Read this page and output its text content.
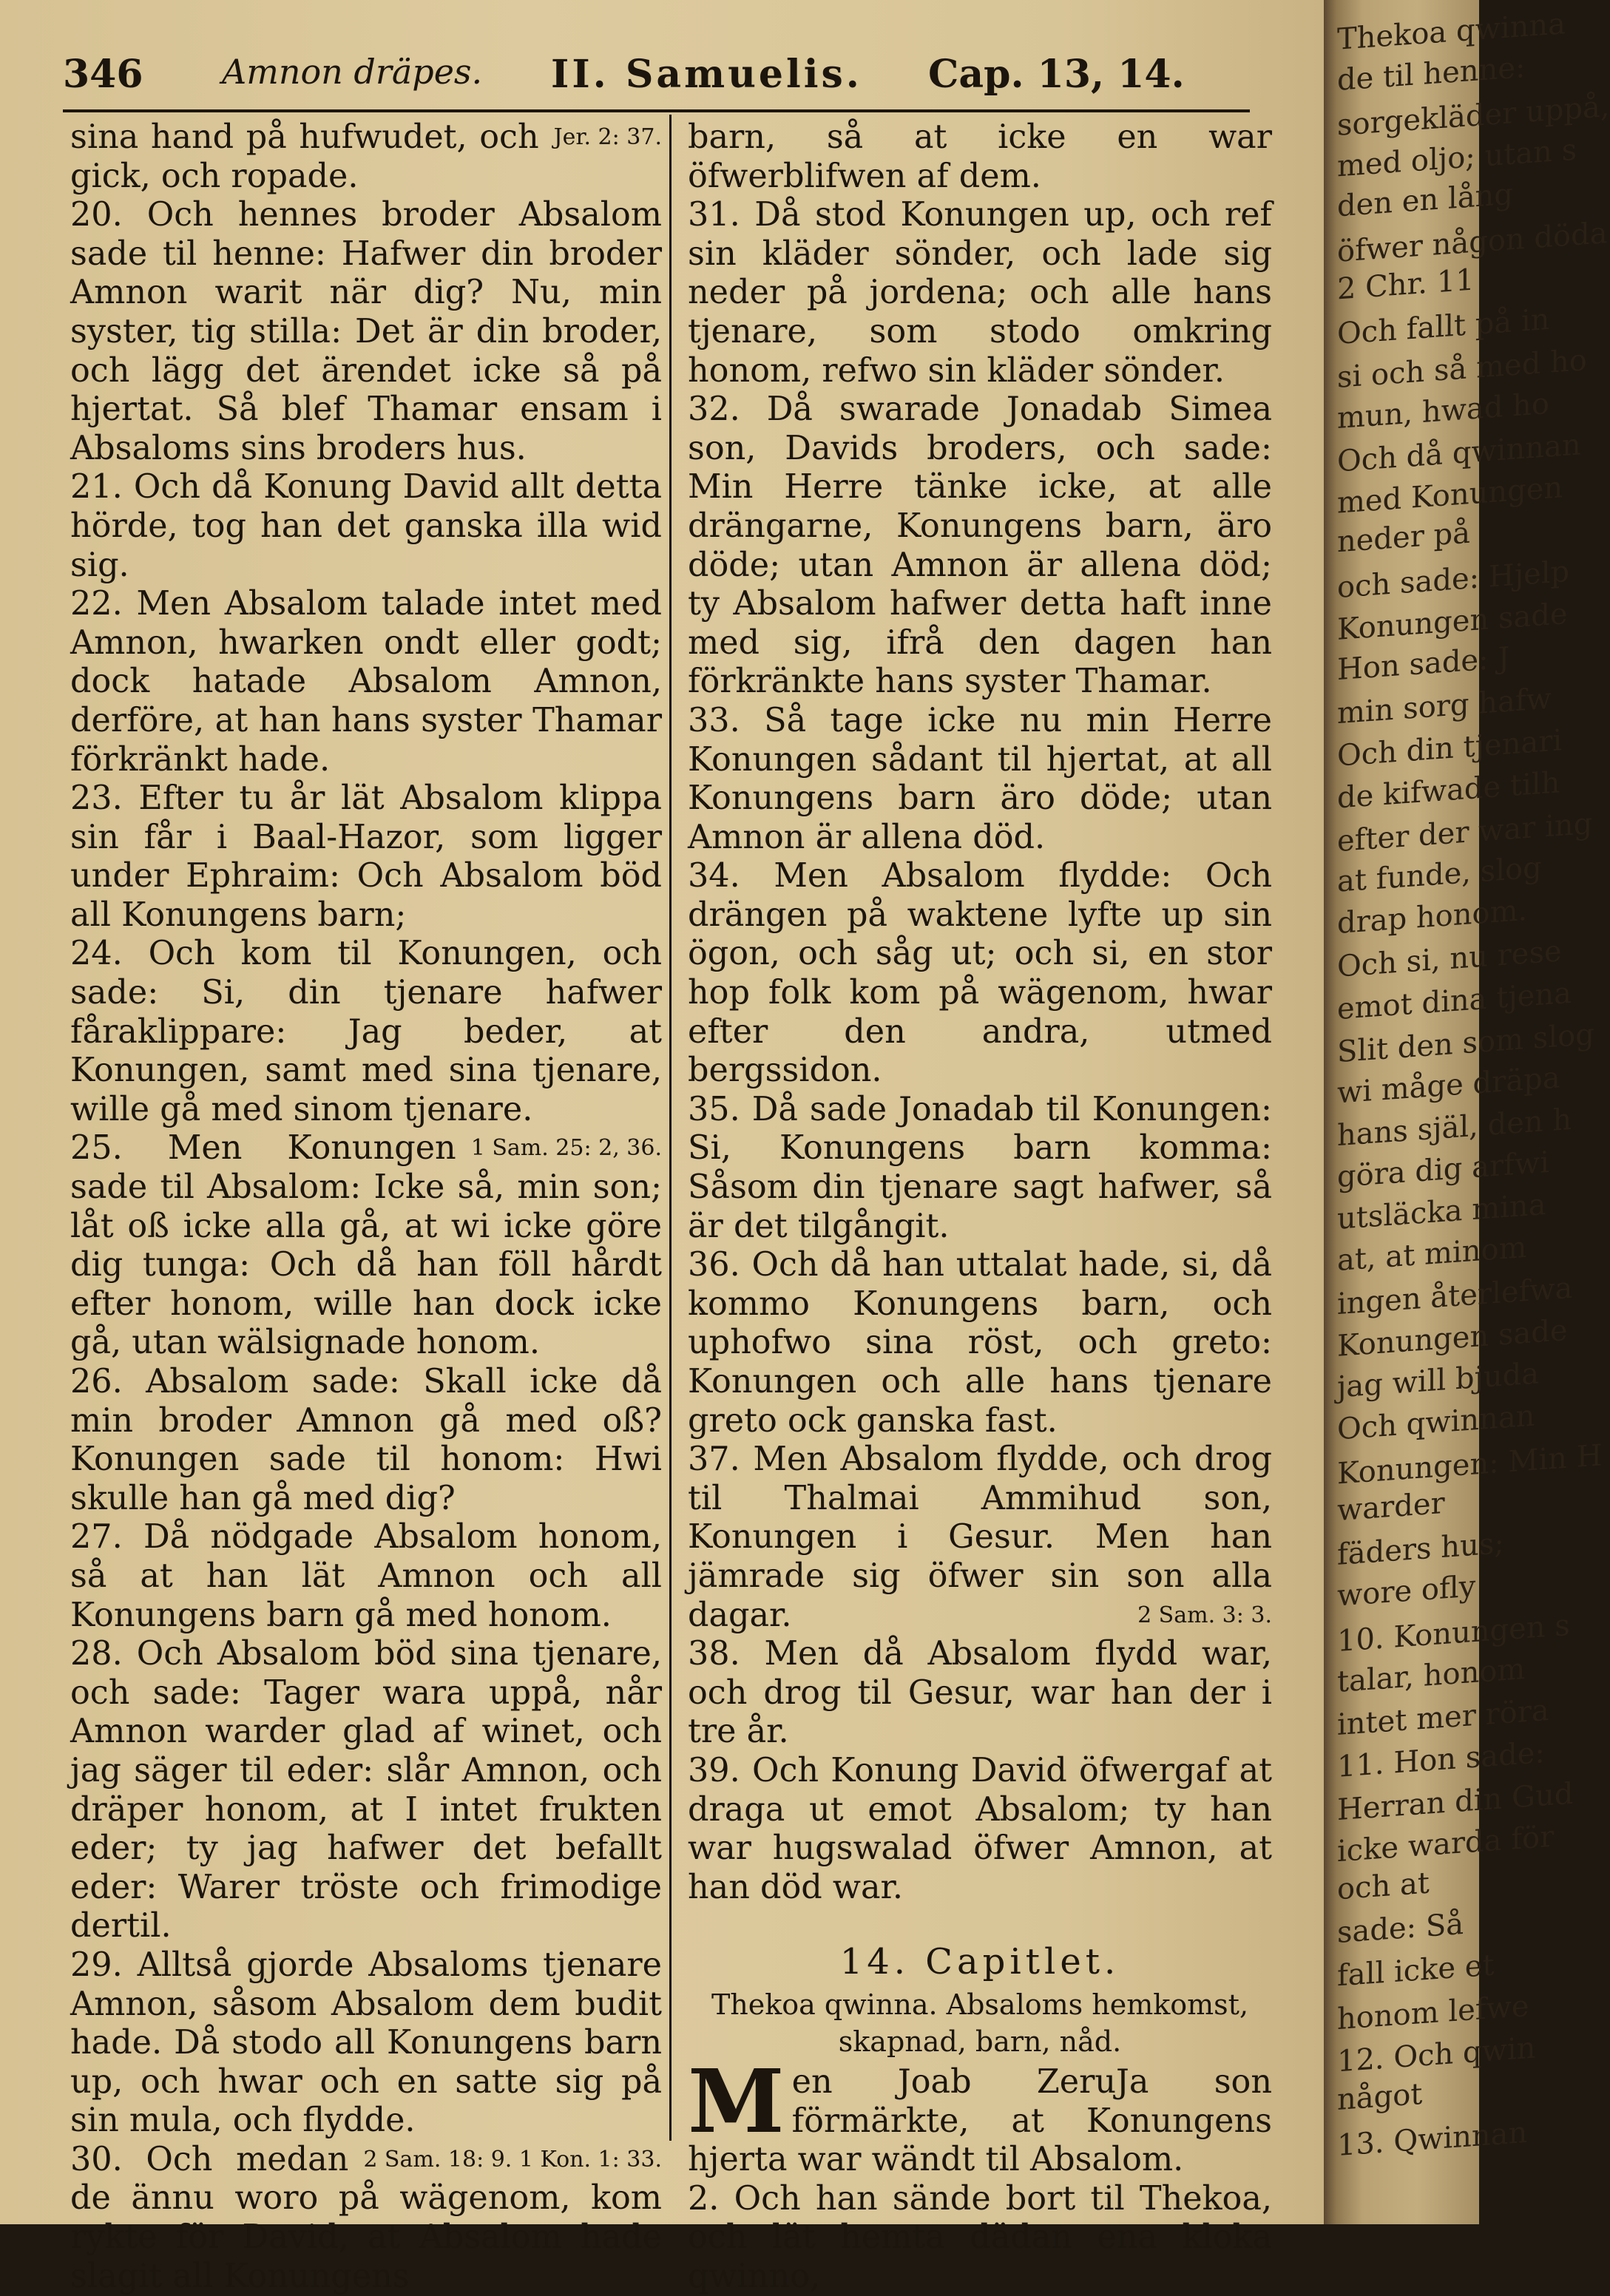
346 Amnon dräpes. II. Samuelis. Cap. 13, 14.

Jer. 2: 37.
sina hand på hufwudet, och gick, och ropade.

20. Och hennes broder Absalom sade til henne: Hafwer din broder Amnon warit när dig? Nu, min syster, tig stilla: Det är din broder, och lägg det ärendet icke så på hjertat. Så blef Thamar ensam i Absaloms sins broders hus.

21. Och då Konung David allt detta hörde, tog han det ganska illa wid sig.

22. Men Absalom talade intet med Amnon, hwarken ondt eller godt; dock hatade Absalom Amnon, derföre, at han hans syster Thamar förkränkt hade.

23. Efter tu år lät Absalom klippa sin får i Baal-Hazor, som ligger under Ephraim: Och Absalom böd all Konungens barn;

24. Och kom til Konungen, och sade: Si, din tjenare hafwer fåraklippare: Jag beder, at Konungen, samt med sina tjenare, wille gå med sinom tjenare.
1 Sam. 25: 2, 36.

25. Men Konungen sade til Absalom: Icke så, min son; låt oß icke alla gå, at wi icke göre dig tunga: Och då han föll hårdt efter honom, wille han dock icke gå, utan wälsignade honom.

26. Absalom sade: Skall icke då min broder Amnon gå med oß? Konungen sade til honom: Hwi skulle han gå med dig?

27. Då nödgade Absalom honom, så at han lät Amnon och all Konungens barn gå med honom.

28. Och Absalom böd sina tjenare, och sade: Tager wara uppå, når Amnon warder glad af winet, och jag säger til eder: slår Amnon, och dräper honom, at I intet frukten eder; ty jag hafwer det befallt eder: Warer tröste och frimodige dertil.

29. Alltså gjorde Absaloms tjenare Amnon, såsom Absalom dem budit hade. Då stodo all Konungens barn up, och hwar och en satte sig på sin mula, och flydde.
2 Sam. 18: 9. 1 Kon. 1: 33.

30. Och medan de ännu woro på wägenom, kom rykte för David, at Absalom hade slagit all Konungens

barn, så at icke en war öfwerblifwen af dem.

31. Då stod Konungen up, och ref sin kläder sönder, och lade sig neder på jordena; och alle hans tjenare, som stodo omkring honom, refwo sin kläder sönder.

32. Då swarade Jonadab Simea son, Davids broders, och sade: Min Herre tänke icke, at alle drängarne, Konungens barn, äro döde; utan Amnon är allena död; ty Absalom hafwer detta haft inne med sig, ifrå den dagen han förkränkte hans syster Thamar.

33. Så tage icke nu min Herre Konungen sådant til hjertat, at all Konungens barn äro döde; utan Amnon är allena död.

34. Men Absalom flydde: Och drängen på waktene lyfte up sin ögon, och såg ut; och si, en stor hop folk kom på wägenom, hwar efter den andra, utmed bergssidon.

35. Då sade Jonadab til Konungen: Si, Konungens barn komma: Såsom din tjenare sagt hafwer, så är det tilgångit.

36. Och då han uttalat hade, si, då kommo Konungens barn, och uphofwo sina röst, och greto: Konungen och alle hans tjenare greto ock ganska fast.

37. Men Absalom flydde, och drog til Thalmai Ammihud son, Konungen i Gesur. Men han jämrade sig öfwer sin son alla dagar.	2 Sam. 3: 3.

38. Men då Absalom flydd war, och drog til Gesur, war han der i tre år.

39. Och Konung David öfwergaf at draga ut emot Absalom; ty han war hugswalad öfwer Amnon, at han död war.

14. Capitlet.
Thekoa qwinna. Absaloms hemkomst, skapnad, barn, nåd.

Men Joab ZeruJa son förmärkte, at Konungens hjerta war wändt til Absalom.

2. Och han sände bort til Thekoa, och lät hemta dädan ena kloka qwinno,

Thekoa qwinna
de til henne:
sorgekläder uppå,
med oljo; utan s
den en lång
öfwer någon döda
2 Chr. 11
Och fallt på in
si och så med ho
mun, hwad ho
Och då qwinnan
med Konungen
neder på
och sade: Hjelp
Konungen sade
Hon sade: J
min sorg hafw
Och din tjenari
de kifwade tilh
efter der war ing
at funde, slog
drap honom.
Och si, nu rese
emot dina tjena
Slit den som slog
wi måge dräpa
hans själ, den h
göra dig arfwi
utsläcka mina
at, at minom
ingen återlefwa
Konungen sade
jag will bjuda
Och qwinnan
Konungen: Min H
warder
fäders hus;
wore ofly
10. Konungen s
talar, honom
intet mer röra
11. Hon sade:
Herran din Gud
icke warda för
och at
sade: Så
fall icke et
honom lefwe
12. Och qwin
något
13. Qwinnan
